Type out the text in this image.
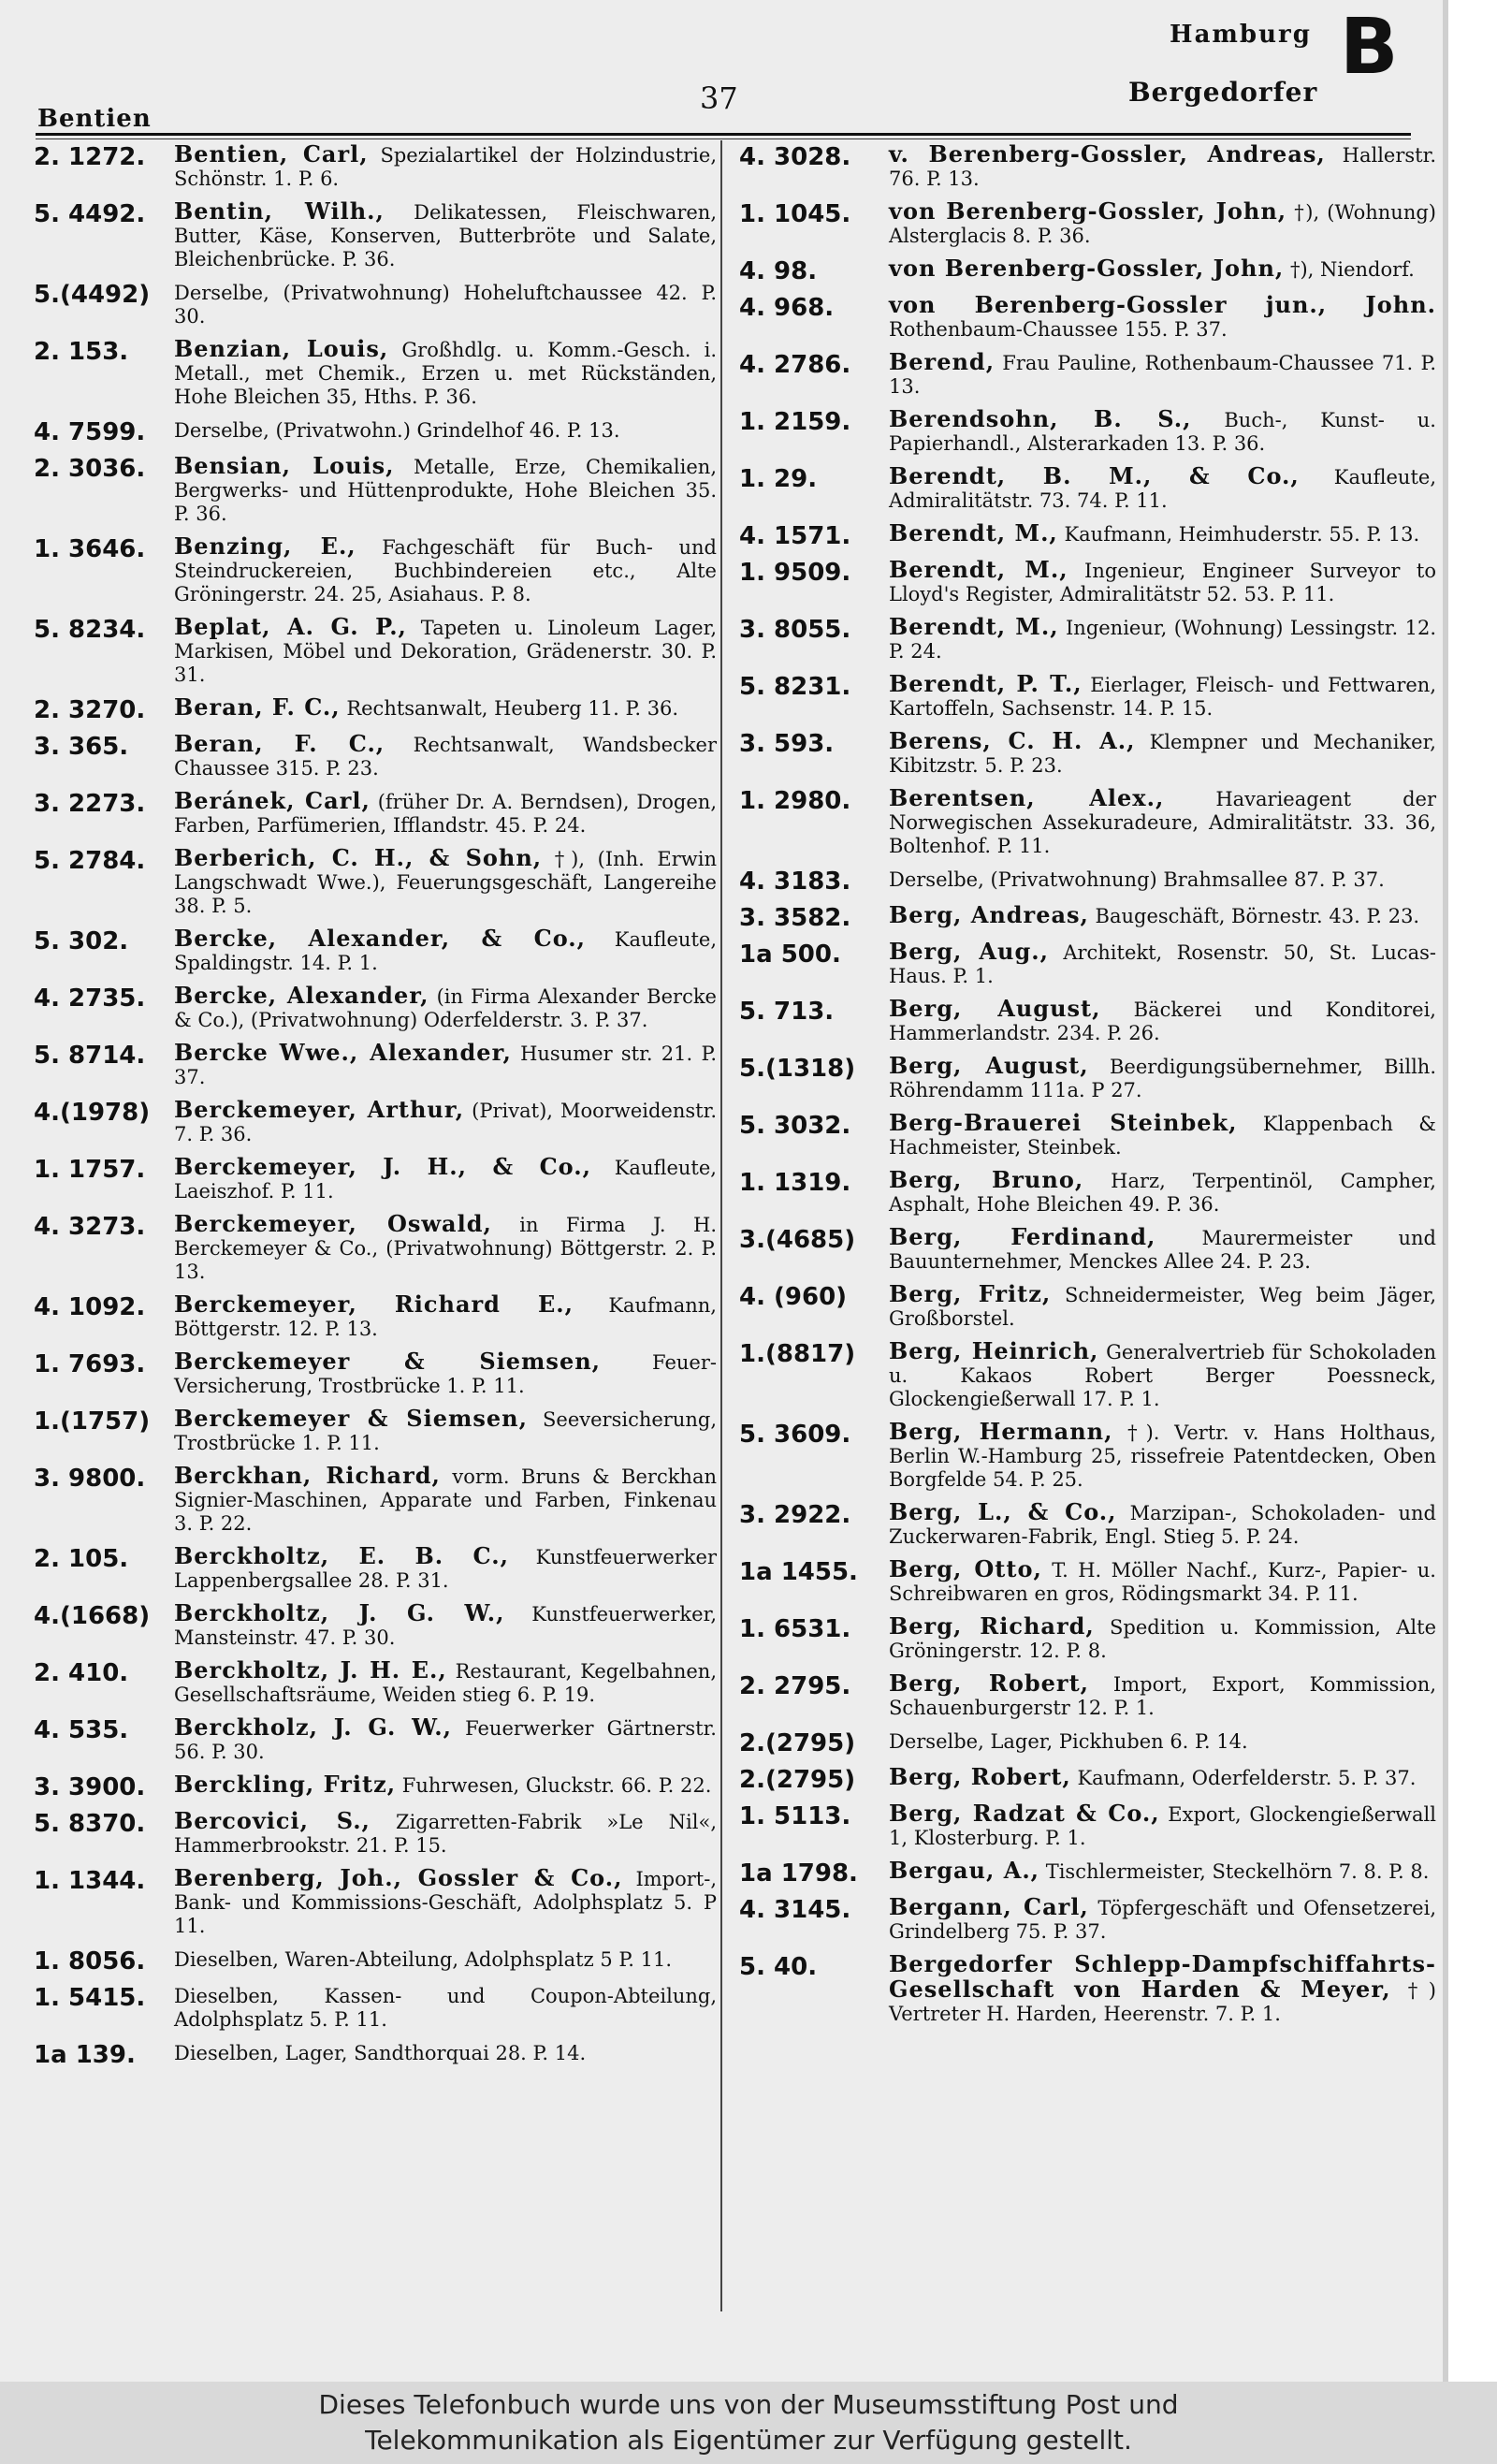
Bentien
37
Hamburg
Bergedorfer
B
2. 1272.	Bentien, Carl, Spezialartikel der Holzindustrie, Schönstr. 1. P. 6.
5. 4492.	Bentin, Wilh., Delikatessen, Fleischwaren, Butter, Käse, Konserven, Butterbröte und Salate, Bleichenbrücke. P. 36.
5.(4492)	Derselbe, (Privatwohnung) Hoheluftchaussee 42. P. 30.
2. 153.	Benzian, Louis, Großhdlg. u. Komm.-Gesch. i. Metall., met Chemik., Erzen u. met Rückständen, Hohe Bleichen 35, Hths. P. 36.
4. 7599.	Derselbe, (Privatwohn.) Grindelhof 46. P. 13.
2. 3036.	Bensian, Louis, Metalle, Erze, Chemikalien, Bergwerks- und Hüttenprodukte, Hohe Bleichen 35. P. 36.
1. 3646.	Benzing, E., Fachgeschäft für Buch- und Steindruckereien, Buchbindereien etc., Alte Gröningerstr. 24. 25, Asiahaus. P. 8.
5. 8234.	Beplat, A. G. P., Tapeten u. Linoleum Lager, Markisen, Möbel und Dekoration, Grädenerstr. 30. P. 31.
2. 3270.	Beran, F. C., Rechtsanwalt, Heuberg 11. P. 36.
3. 365.	Beran, F. C., Rechtsanwalt, Wandsbecker Chaussee 315. P. 23.
3. 2273.	Beránek, Carl, (früher Dr. A. Berndsen), Drogen, Farben, Parfümerien, Ifflandstr. 45. P. 24.
5. 2784.	Berberich, C. H., & Sohn, †), (Inh. Erwin Langschwadt Wwe.), Feuerungsgeschäft, Langereihe 38. P. 5.
5. 302.	Bercke, Alexander, & Co., Kaufleute, Spaldingstr. 14. P. 1.
4. 2735.	Bercke, Alexander, (in Firma Alexander Bercke & Co.), (Privatwohnung) Oderfelderstr. 3. P. 37.
5. 8714.	Bercke Wwe., Alexander, Husumer str. 21. P. 37.
4.(1978)	Berckemeyer, Arthur, (Privat), Moorweidenstr. 7. P. 36.
1. 1757.	Berckemeyer, J. H., & Co., Kaufleute, Laeiszhof. P. 11.
4. 3273.	Berckemeyer, Oswald, in Firma J. H. Berckemeyer & Co., (Privatwohnung) Böttgerstr. 2. P. 13.
4. 1092.	Berckemeyer, Richard E., Kaufmann, Böttgerstr. 12. P. 13.
1. 7693.	Berckemeyer & Siemsen, Feuer-Versicherung, Trostbrücke 1. P. 11.
1.(1757)	Berckemeyer & Siemsen, Seeversicherung, Trostbrücke 1. P. 11.
3. 9800.	Berckhan, Richard, vorm. Bruns & Berckhan Signier-Maschinen, Apparate und Farben, Finkenau 3. P. 22.
2. 105.	Berckholtz, E. B. C., Kunstfeuerwerker Lappenbergsallee 28. P. 31.
4.(1668)	Berckholtz, J. G. W., Kunstfeuerwerker, Mansteinstr. 47. P. 30.
2. 410.	Berckholtz, J. H. E., Restaurant, Kegelbahnen, Gesellschaftsräume, Weiden stieg 6. P. 19.
4. 535.	Berckholz, J. G. W., Feuerwerker Gärtnerstr. 56. P. 30.
3. 3900.	Berckling, Fritz, Fuhrwesen, Gluckstr. 66. P. 22.
5. 8370.	Bercovici, S., Zigarretten-Fabrik »Le Nil«, Hammerbrookstr. 21. P. 15.
1. 1344.	Berenberg, Joh., Gossler & Co., Import-, Bank- und Kommissions-Geschäft, Adolphsplatz 5. P 11.
1. 8056.	Dieselben, Waren-Abteilung, Adolphsplatz 5 P. 11.
1. 5415.	Dieselben, Kassen- und Coupon-Abteilung, Adolphsplatz 5. P. 11.
1a 139.	Dieselben, Lager, Sandthorquai 28. P. 14.
4. 3028.	v. Berenberg-Gossler, Andreas, Hallerstr. 76. P. 13.
1. 1045.	von Berenberg-Gossler, John, †), (Wohnung) Alsterglacis 8. P. 36.
4. 98.	von Berenberg-Gossler, John, †), Niendorf.
4. 968.	von Berenberg-Gossler jun., John. Rothenbaum-Chaussee 155. P. 37.
4. 2786.	Berend, Frau Pauline, Rothenbaum-Chaussee 71. P. 13.
1. 2159.	Berendsohn, B. S., Buch-, Kunst- u. Papierhandl., Alsterarkaden 13. P. 36.
1. 29.	Berendt, B. M., & Co., Kaufleute, Admiralitätstr. 73. 74. P. 11.
4. 1571.	Berendt, M., Kaufmann, Heimhuderstr. 55. P. 13.
1. 9509.	Berendt, M., Ingenieur, Engineer Surveyor to Lloyd's Register, Admiralitätstr 52. 53. P. 11.
3. 8055.	Berendt, M., Ingenieur, (Wohnung) Lessingstr. 12. P. 24.
5. 8231.	Berendt, P. T., Eierlager, Fleisch- und Fettwaren, Kartoffeln, Sachsenstr. 14. P. 15.
3. 593.	Berens, C. H. A., Klempner und Mechaniker, Kibitzstr. 5. P. 23.
1. 2980.	Berentsen, Alex., Havarieagent der Norwegischen Assekuradeure, Admiralitätstr. 33. 36, Boltenhof. P. 11.
4. 3183.	Derselbe, (Privatwohnung) Brahmsallee 87. P. 37.
3. 3582.	Berg, Andreas, Baugeschäft, Börnestr. 43. P. 23.
1a 500.	Berg, Aug., Architekt, Rosenstr. 50, St. Lucas-Haus. P. 1.
5. 713.	Berg, August, Bäckerei und Konditorei, Hammerlandstr. 234. P. 26.
5.(1318)	Berg, August, Beerdigungsübernehmer, Billh. Röhrendamm 111a. P 27.
5. 3032.	Berg-Brauerei Steinbek, Klappenbach & Hachmeister, Steinbek.
1. 1319.	Berg, Bruno, Harz, Terpentinöl, Campher, Asphalt, Hohe Bleichen 49. P. 36.
3.(4685)	Berg, Ferdinand, Maurermeister und Bauunternehmer, Menckes Allee 24. P. 23.
4. (960)	Berg, Fritz, Schneidermeister, Weg beim Jäger, Großborstel.
1.(8817)	Berg, Heinrich, Generalvertrieb für Schokoladen u. Kakaos Robert Berger Poessneck, Glockengießerwall 17. P. 1.
5. 3609.	Berg, Hermann, †). Vertr. v. Hans Holthaus, Berlin W.-Hamburg 25, rissefreie Patentdecken, Oben Borgfelde 54. P. 25.
3. 2922.	Berg, L., & Co., Marzipan-, Schokoladen- und Zuckerwaren-Fabrik, Engl. Stieg 5. P. 24.
1a 1455.	Berg, Otto, T. H. Möller Nachf., Kurz-, Papier- u. Schreibwaren en gros, Rödingsmarkt 34. P. 11.
1. 6531.	Berg, Richard, Spedition u. Kommission, Alte Gröningerstr. 12. P. 8.
2. 2795.	Berg, Robert, Import, Export, Kommission, Schauenburgerstr 12. P. 1.
2.(2795)	Derselbe, Lager, Pickhuben 6. P. 14.
2.(2795)	Berg, Robert, Kaufmann, Oderfelderstr. 5. P. 37.
1. 5113.	Berg, Radzat & Co., Export, Glockengießerwall 1, Klosterburg. P. 1.
1a 1798.	Bergau, A., Tischlermeister, Steckelhörn 7. 8. P. 8.
4. 3145.	Bergann, Carl, Töpfergeschäft und Ofensetzerei, Grindelberg 75. P. 37.
5. 40.	Bergedorfer Schlepp-Dampfschiffahrts-Gesellschaft von Harden & Meyer, †) Vertreter H. Harden, Heerenstr. 7. P. 1.
Dieses Telefonbuch wurde uns von der Museumsstiftung Post und
Telekommunikation als Eigentümer zur Verfügung gestellt.
